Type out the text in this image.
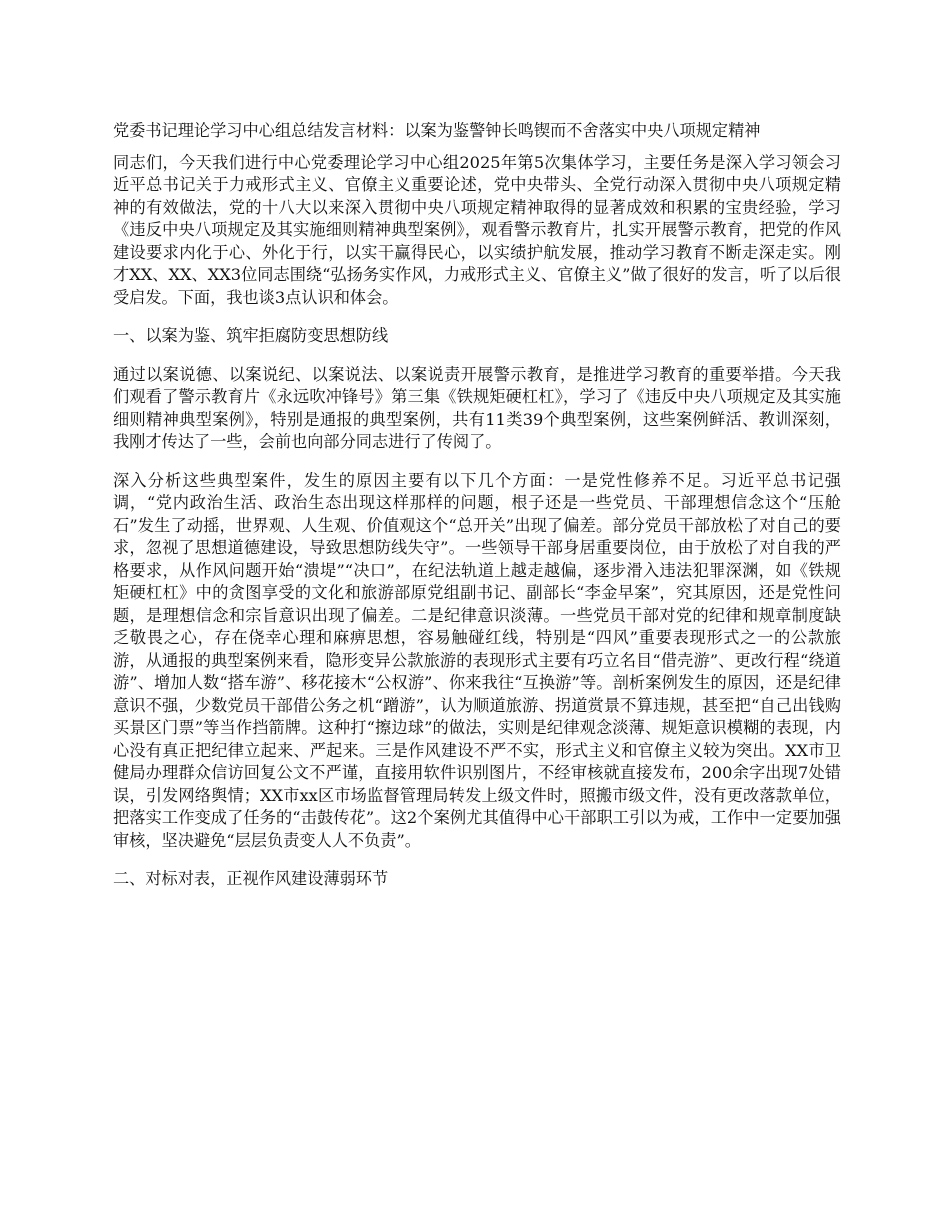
党委书记理论学习中心组总结发言材料：以案为鉴警钟长鸣锲而不舍落实中央八项规定精神
同志们，今天我们进行中心党委理论学习中心组2025年第5次集体学习，主要任务是深入学习领会习近平总书记关于力戒形式主义、官僚主义重要论述，党中央带头、全党行动深入贯彻中央八项规定精神的有效做法，党的十八大以来深入贯彻中央八项规定精神取得的显著成效和积累的宝贵经验，学习《违反中央八项规定及其实施细则精神典型案例》，观看警示教育片，扎实开展警示教育，把党的作风建设要求内化于心、外化于行，以实干赢得民心，以实绩护航发展，推动学习教育不断走深走实。刚才XX、XX、XX3位同志围绕“弘扬务实作风，力戒形式主义、官僚主义”做了很好的发言，听了以后很受启发。下面，我也谈3点认识和体会。
一、以案为鉴、筑牢拒腐防变思想防线
通过以案说德、以案说纪、以案说法、以案说责开展警示教育，是推进学习教育的重要举措。今天我们观看了警示教育片《永远吹冲锋号》第三集《铁规矩硬杠杠》，学习了《违反中央八项规定及其实施细则精神典型案例》，特别是通报的典型案例，共有11类39个典型案例，这些案例鲜活、教训深刻，我刚才传达了一些，会前也向部分同志进行了传阅了。
深入分析这些典型案件，发生的原因主要有以下几个方面：一是党性修养不足。习近平总书记强调，“党内政治生活、政治生态出现这样那样的问题，根子还是一些党员、干部理想信念这个“压舱石”发生了动摇，世界观、人生观、价值观这个“总开关”出现了偏差。部分党员干部放松了对自己的要求，忽视了思想道德建设，导致思想防线失守”。一些领导干部身居重要岗位，由于放松了对自我的严格要求，从作风问题开始“溃堤”“决口”，在纪法轨道上越走越偏，逐步滑入违法犯罪深渊，如《铁规矩硬杠杠》中的贪图享受的文化和旅游部原党组副书记、副部长“李金早案”，究其原因，还是党性问题，是理想信念和宗旨意识出现了偏差。二是纪律意识淡薄。一些党员干部对党的纪律和规章制度缺乏敬畏之心，存在侥幸心理和麻痹思想，容易触碰红线，特别是“四风”重要表现形式之一的公款旅游，从通报的典型案例来看，隐形变异公款旅游的表现形式主要有巧立名目“借壳游”、更改行程“绕道游”、增加人数“搭车游”、移花接木“公权游”、你来我往“互换游”等。剖析案例发生的原因，还是纪律意识不强，少数党员干部借公务之机“蹭游”，认为顺道旅游、拐道赏景不算违规，甚至把“自己出钱购买景区门票”等当作挡箭牌。这种打“擦边球”的做法，实则是纪律观念淡薄、规矩意识模糊的表现，内心没有真正把纪律立起来、严起来。三是作风建设不严不实，形式主义和官僚主义较为突出。XX市卫健局办理群众信访回复公文不严谨，直接用软件识别图片，不经审核就直接发布，200余字出现7处错误，引发网络舆情；XX市xx区市场监督管理局转发上级文件时，照搬市级文件，没有更改落款单位，把落实工作变成了任务的“击鼓传花”。这2个案例尤其值得中心干部职工引以为戒，工作中一定要加强审核，坚决避免“层层负责变人人不负责”。
二、对标对表，正视作风建设薄弱环节
